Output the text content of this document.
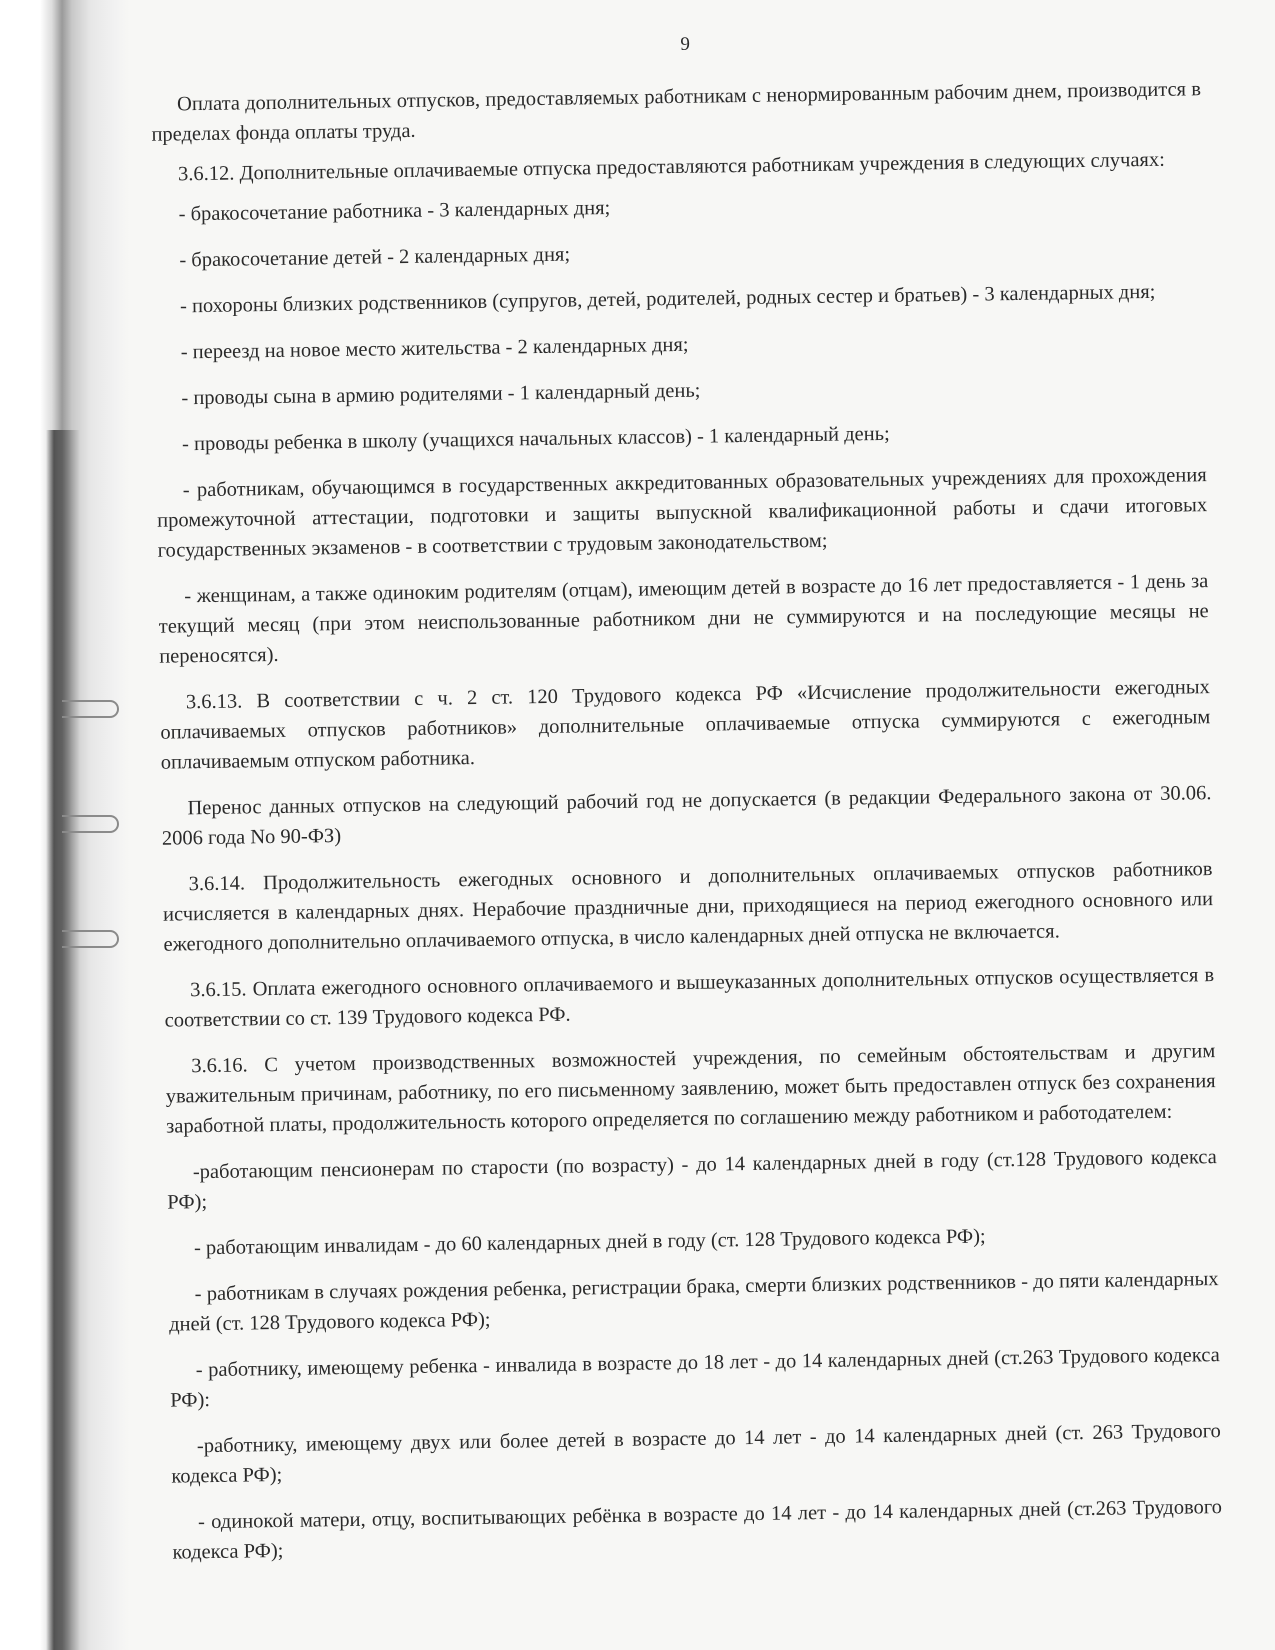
9

Оплата дополнительных отпусков, предоставляемых работникам с ненормированным рабочим днем, производится в пределах фонда оплаты труда.

3.6.12. Дополнительные оплачиваемые отпуска предоставляются работникам учреждения в следующих случаях:

- бракосочетание работника - 3 календарных дня;

- бракосочетание детей - 2 календарных дня;

- похороны близких родственников (супругов, детей, родителей, родных сестер и братьев) - 3 календарных дня;

- переезд на новое место жительства - 2 календарных дня;

- проводы сына в армию родителями - 1 календарный день;

- проводы ребенка в школу (учащихся начальных классов) - 1 календарный день;

- работникам, обучающимся в государственных аккредитованных образовательных учреждениях для прохождения промежуточной аттестации, подготовки и защиты выпускной квалификационной работы и сдачи итоговых государственных экзаменов - в соответствии с трудовым законодательством;

- женщинам, а также одиноким родителям (отцам), имеющим детей в возрасте до 16 лет предоставляется - 1 день за текущий месяц (при этом неиспользованные работником дни не суммируются и на последующие месяцы не переносятся).

3.6.13. В соответствии с ч. 2 ст. 120 Трудового кодекса РФ «Исчисление продолжительности ежегодных оплачиваемых отпусков работников» дополнительные оплачиваемые отпуска суммируются с ежегодным оплачиваемым отпуском работника.

Перенос данных отпусков на следующий рабочий год не допускается (в редакции Федерального закона от 30.06. 2006 года No 90-ФЗ)

3.6.14. Продолжительность ежегодных основного и дополнительных оплачиваемых отпусков работников исчисляется в календарных днях. Нерабочие праздничные дни, приходящиеся на период ежегодного основного или ежегодного дополнительно оплачиваемого отпуска, в число календарных дней отпуска не включается.

3.6.15. Оплата ежегодного основного оплачиваемого и вышеуказанных дополнительных отпусков осуществляется в соответствии со ст. 139 Трудового кодекса РФ.

3.6.16. С учетом производственных возможностей учреждения, по семейным обстоятельствам и другим уважительным причинам, работнику, по его письменному заявлению, может быть предоставлен отпуск без сохранения заработной платы, продолжительность которого определяется по соглашению между работником и работодателем:

-работающим пенсионерам по старости (по возрасту) - до 14 календарных дней в году (ст.128 Трудового кодекса РФ);

- работающим инвалидам - до 60 календарных дней в году (ст. 128 Трудового кодекса РФ);

- работникам в случаях рождения ребенка, регистрации брака, смерти близких родственников - до пяти календарных дней (ст. 128 Трудового кодекса РФ);

- работнику, имеющему ребенка - инвалида в возрасте до 18 лет - до 14 календарных дней (ст.263 Трудового кодекса РФ):

-работнику, имеющему двух или более детей в возрасте до 14 лет - до 14 календарных дней (ст. 263 Трудового кодекса РФ);

- одинокой матери, отцу, воспитывающих ребёнка в возрасте до 14 лет - до 14 календарных дней (ст.263 Трудового кодекса РФ);
